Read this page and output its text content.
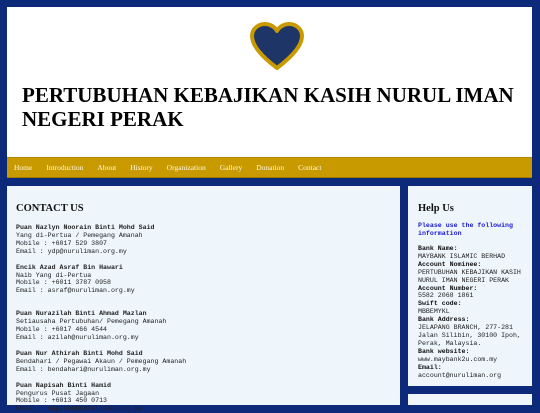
PERTUBUHAN KEBAJIKAN KASIH NURUL IMAN NEGERI PERAK
Home	Introduction	About	History	Organization	Gallery	Donation	Contact
CONTACT US
Puan Nazlyn Noorain Binti Mohd Said
Yang di-Pertua / Pemegang Amanah
Mobile : +6017 529 3807
Email : ydp@nuruliman.org.my
Encik Azad Asraf Bin Hawari
Naib Yang di-Pertua
Mobile : +6011 3787 0958
Email : asraf@nuruliman.org.my
Puan Nurazilah Binti Ahmad Mazlan
Setiausaha Pertubuhan/ Pemegang Amanah
Mobile : +6017 466 4544
Email : azilah@nuruliman.org.my
Puan Nur Athirah Binti Mohd Said
Bendahari / Pegawai Akaun / Pemegang Amanah
Email : bendahari@nuruliman.org.my
Puan Napisah Binti Hamid
Pengurus Pusat Jagaan
Mobile : +6013 450 0713
Email : napisah@nuruliman.org.my
Help Us
Please use the following information
Bank Name:
MAYBANK ISLAMIC BERHAD
Account Nominee:
PERTUBUHAN KEBAJIKAN KASIH NURUL IMAN NEGERI PERAK
Account Number:
5582 2068 1861
Swift code:
MBBEMYKL
Bank Address:
JELAPANG BRANCH, 277-281 Jalan Silibin, 30100 Ipoh, Perak, Malaysia.
Bank website:
www.maybank2u.com.my
Email:
account@nuruliman.org
